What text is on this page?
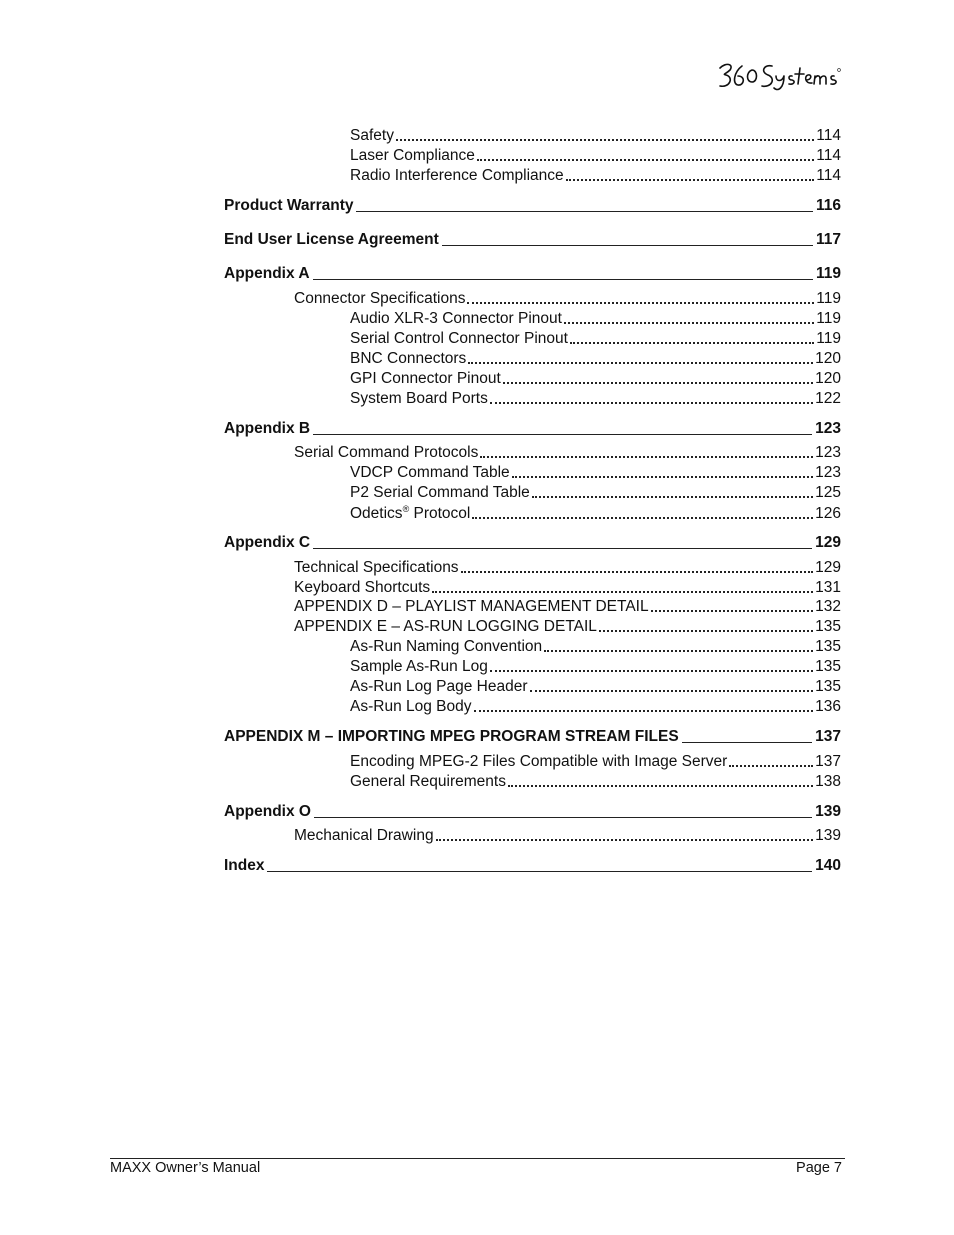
Safety	114
Laser Compliance	114
Radio Interference Compliance	114
Product Warranty	116
End User License Agreement	117
Appendix A	119
Connector Specifications	119
Audio XLR-3 Connector Pinout	119
Serial Control Connector Pinout	119
BNC Connectors	120
GPI Connector Pinout	120
System Board Ports	122
Appendix B	123
Serial Command Protocols	123
VDCP Command Table	123
P2 Serial Command Table	125
Odetics® Protocol	126
Appendix C	129
Technical Specifications	129
Keyboard Shortcuts	131
APPENDIX D – PLAYLIST MANAGEMENT DETAIL	132
APPENDIX E – AS-RUN LOGGING DETAIL	135
As-Run Naming Convention	135
Sample As-Run Log	135
As-Run Log Page Header	135
As-Run Log Body	136
APPENDIX M – IMPORTING MPEG PROGRAM STREAM FILES	137
Encoding MPEG-2 Files Compatible with Image Server	137
General Requirements	138
Appendix O	139
Mechanical Drawing	139
Index	140
MAXX Owner’s Manual	Page 7
